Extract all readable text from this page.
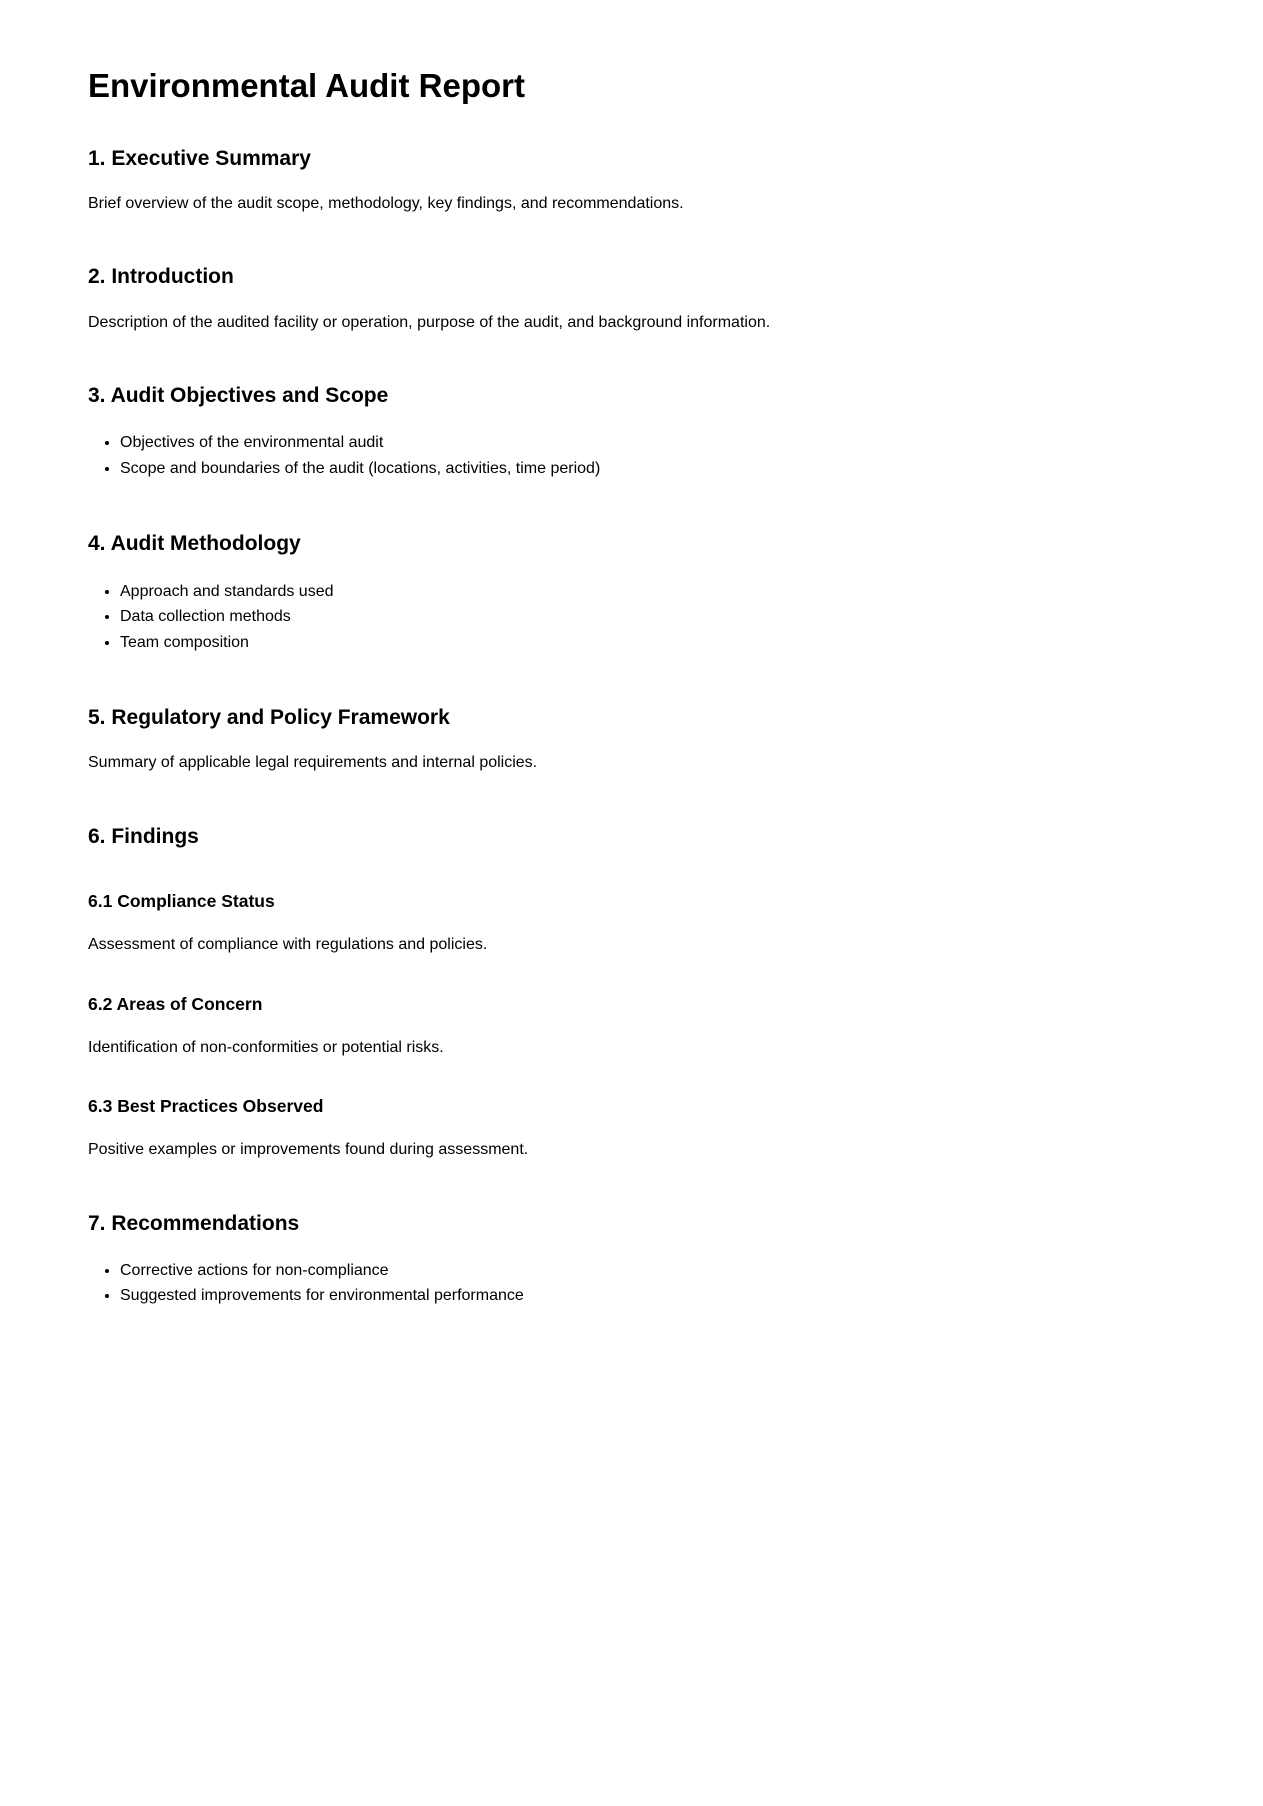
Environmental Audit Report
1. Executive Summary

Brief overview of the audit scope, methodology, key findings, and recommendations.

2. Introduction

Description of the audited facility or operation, purpose of the audit, and background information.

3. Audit Objectives and Scope
• Objectives of the environmental audit
• Scope and boundaries of the audit (locations, activities, time period)
4. Audit Methodology
• Approach and standards used
• Data collection methods
• Team composition
5. Regulatory and Policy Framework

Summary of applicable legal requirements and internal policies.

6. Findings
6.1 Compliance Status

Assessment of compliance with regulations and policies.

6.2 Areas of Concern

Identification of non-conformities or potential risks.

6.3 Best Practices Observed

Positive examples or improvements found during assessment.

7. Recommendations
• Corrective actions for non-compliance
• Suggested improvements for environmental performance
